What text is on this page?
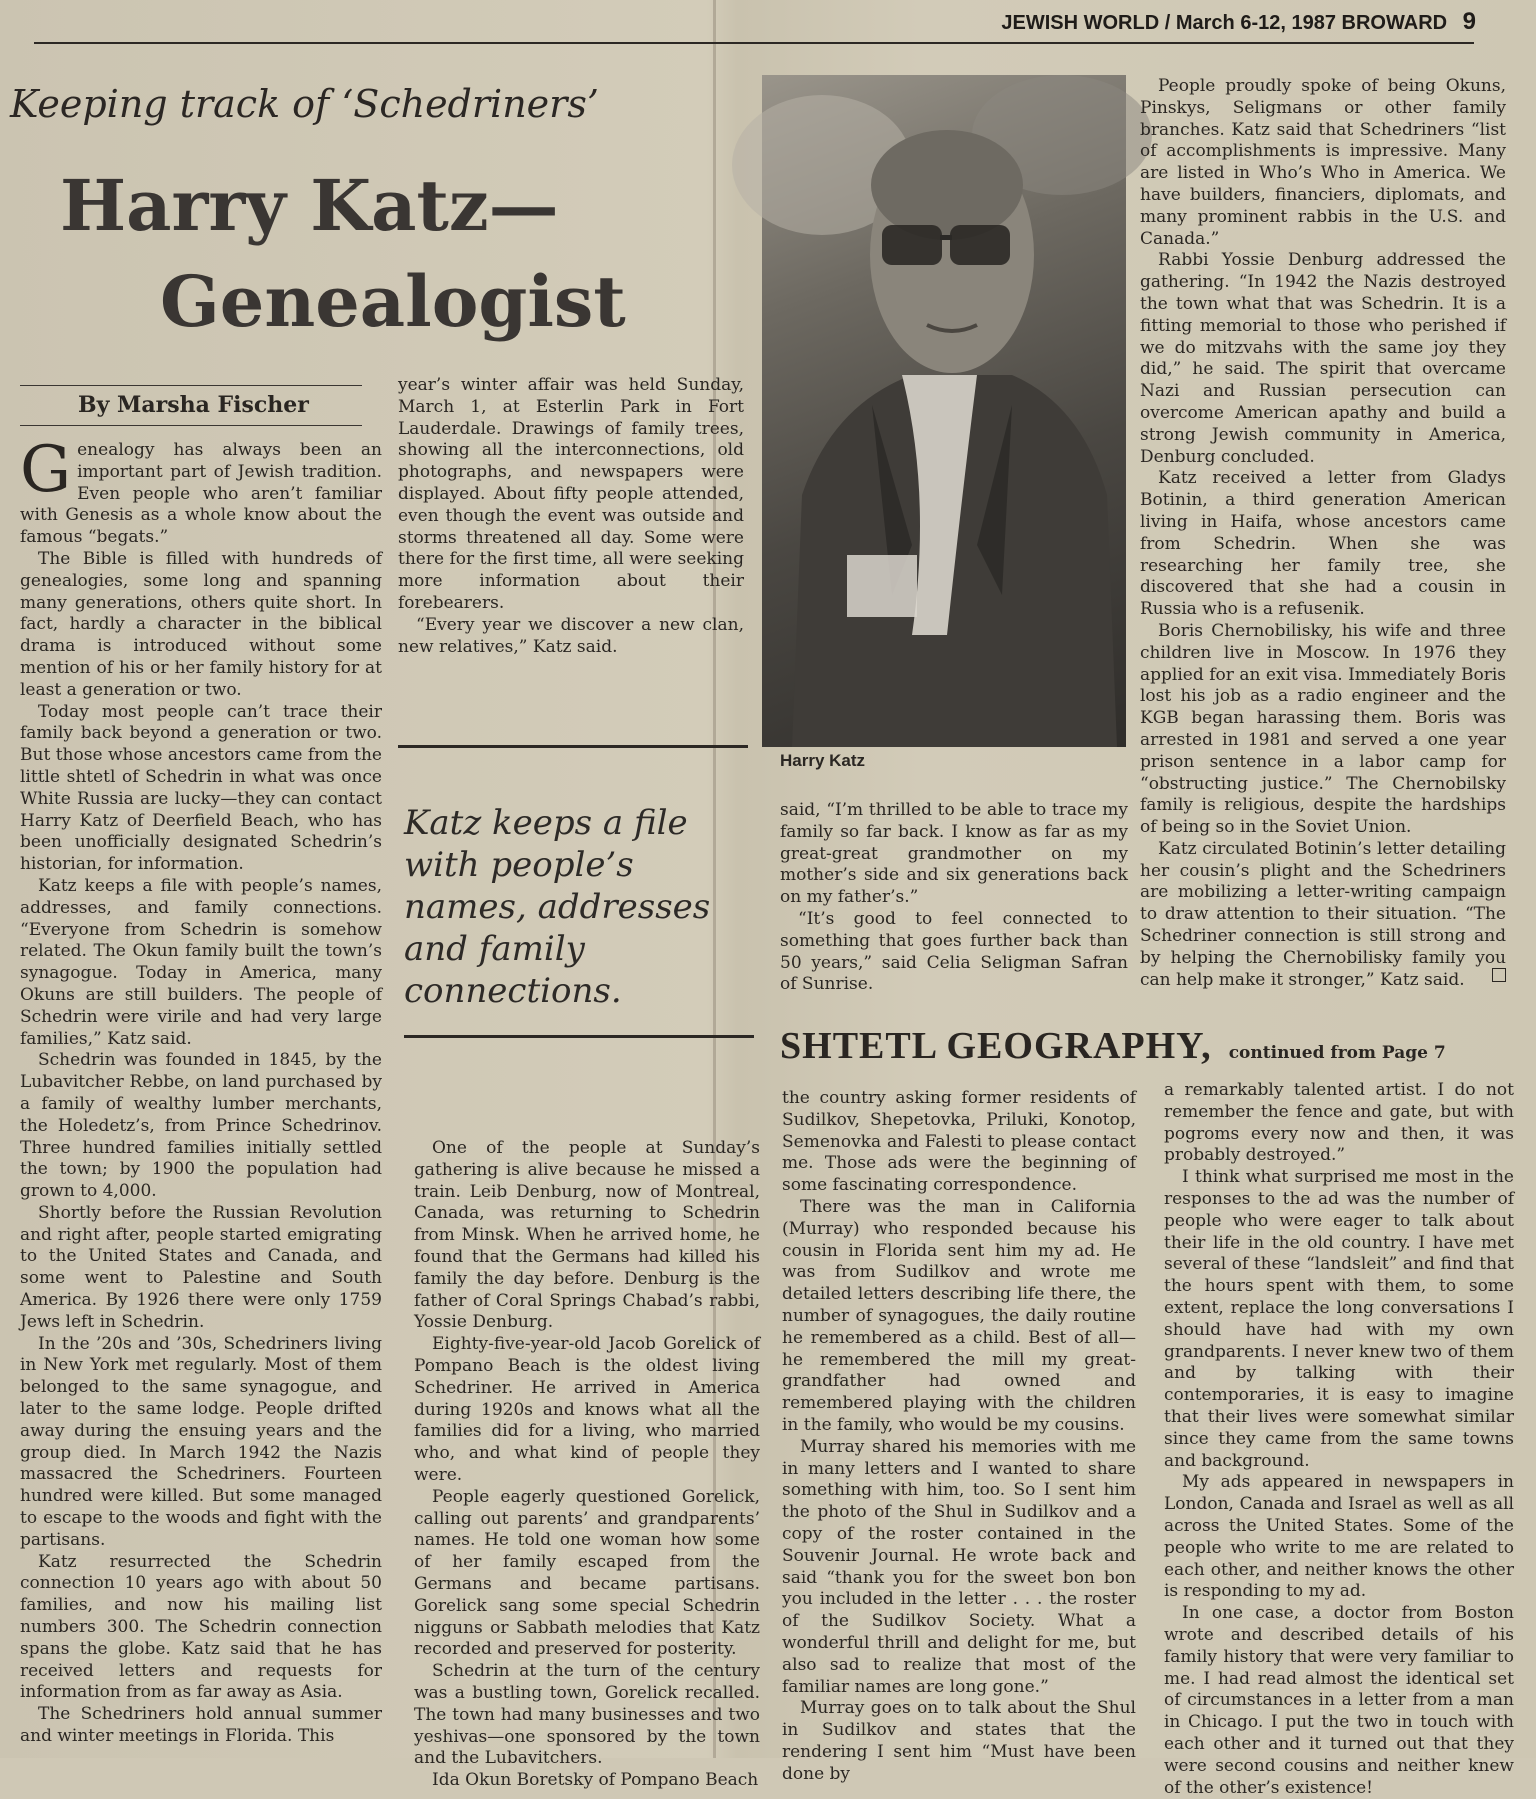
JEWISH WORLD / March 6-12, 1987 BROWARD 9
Keeping track of ‘Schedriners’
Harry Katz—
Genealogist
By Marsha Fischer
G enealogy has always been an important part of Jewish tradition. Even people who aren’t familiar with Genesis as a whole know about the famous “begats.”

The Bible is filled with hundreds of genealogies, some long and spanning many generations, others quite short. In fact, hardly a character in the biblical drama is introduced without some mention of his or her family history for at least a generation or two.

Today most people can’t trace their family back beyond a generation or two. But those whose ancestors came from the little shtetl of Schedrin in what was once White Russia are lucky—they can contact Harry Katz of Deerfield Beach, who has been unofficially designated Schedrin’s historian, for information.

Katz keeps a file with people’s names, addresses, and family connections. “Everyone from Schedrin is somehow related. The Okun family built the town’s synagogue. Today in America, many Okuns are still builders. The people of Schedrin were virile and had very large families,” Katz said.

Schedrin was founded in 1845, by the Lubavitcher Rebbe, on land purchased by a family of wealthy lumber merchants, the Holedetz’s, from Prince Schedrinov. Three hundred families initially settled the town; by 1900 the population had grown to 4,000.

Shortly before the Russian Revolution and right after, people started emigrating to the United States and Canada, and some went to Palestine and South America. By 1926 there were only 1759 Jews left in Schedrin.

In the ’20s and ’30s, Schedriners living in New York met regularly. Most of them belonged to the same synagogue, and later to the same lodge. People drifted away during the ensuing years and the group died. In March 1942 the Nazis massacred the Schedriners. Fourteen hundred were killed. But some managed to escape to the woods and fight with the partisans.

Katz resurrected the Schedrin connection 10 years ago with about 50 families, and now his mailing list numbers 300. The Schedrin connection spans the globe. Katz said that he has received letters and requests for information from as far away as Asia.

The Schedriners hold annual summer and winter meetings in Florida. This

year’s winter affair was held Sunday, March 1, at Esterlin Park in Fort Lauderdale. Drawings of family trees, showing all the interconnections, old photographs, and newspapers were displayed. About fifty people attended, even though the event was outside and storms threatened all day. Some were there for the first time, all were seeking more information about their forebearers.

“Every year we discover a new clan, new relatives,” Katz said.

Katz keeps a file with people’s names, addresses and family connections.

One of the people at Sunday’s gathering is alive because he missed a train. Leib Denburg, now of Montreal, Canada, was returning to Schedrin from Minsk. When he arrived home, he found that the Germans had killed his family the day before. Denburg is the father of Coral Springs Chabad’s rabbi, Yossie Denburg.

Eighty-five-year-old Jacob Gorelick of Pompano Beach is the oldest living Schedriner. He arrived in America during 1920s and knows what all the families did for a living, who married who, and what kind of people they were.

People eagerly questioned Gorelick, calling out parents’ and grandparents’ names. He told one woman how some of her family escaped from the Germans and became partisans. Gorelick sang some special Schedrin nigguns or Sabbath melodies that Katz recorded and preserved for posterity.

Schedrin at the turn of the century was a bustling town, Gorelick recalled. The town had many businesses and two yeshivas—one sponsored by the town and the Lubavitchers.

Ida Okun Boretsky of Pompano Beach

Harry Katz

said, “I’m thrilled to be able to trace my family so far back. I know as far as my great-great grandmother on my mother’s side and six generations back on my father’s.”

“It’s good to feel connected to something that goes further back than 50 years,” said Celia Seligman Safran of Sunrise.

People proudly spoke of being Okuns, Pinskys, Seligmans or other family branches. Katz said that Schedriners “list of accomplishments is impressive. Many are listed in Who’s Who in America. We have builders, financiers, diplomats, and many prominent rabbis in the U.S. and Canada.”

Rabbi Yossie Denburg addressed the gathering. “In 1942 the Nazis destroyed the town what that was Schedrin. It is a fitting memorial to those who perished if we do mitzvahs with the same joy they did,” he said. The spirit that overcame Nazi and Russian persecution can overcome American apathy and build a strong Jewish community in America, Denburg concluded.

Katz received a letter from Gladys Botinin, a third generation American living in Haifa, whose ancestors came from Schedrin. When she was researching her family tree, she discovered that she had a cousin in Russia who is a refusenik.

Boris Chernobilisky, his wife and three children live in Moscow. In 1976 they applied for an exit visa. Immediately Boris lost his job as a radio engineer and the KGB began harassing them. Boris was arrested in 1981 and served a one year prison sentence in a labor camp for “obstructing justice.” The Chernobilsky family is religious, despite the hardships of being so in the Soviet Union.

Katz circulated Botinin’s letter detailing her cousin’s plight and the Schedriners are mobilizing a letter-writing campaign to draw attention to their situation. “The Schedriner connection is still strong and by helping the Chernobilisky family you can help make it stronger,” Katz said.

SHTETL GEOGRAPHY, continued from Page 7

the country asking former residents of Sudilkov, Shepetovka, Priluki, Konotop, Semenovka and Falesti to please contact me. Those ads were the beginning of some fascinating correspondence.

There was the man in California (Murray) who responded because his cousin in Florida sent him my ad. He was from Sudilkov and wrote me detailed letters describing life there, the number of synagogues, the daily routine he remembered as a child. Best of all—he remembered the mill my great-grandfather had owned and remembered playing with the children in the family, who would be my cousins.

Murray shared his memories with me in many letters and I wanted to share something with him, too. So I sent him the photo of the Shul in Sudilkov and a copy of the roster contained in the Souvenir Journal. He wrote back and said “thank you for the sweet bon bon you included in the letter . . . the roster of the Sudilkov Society. What a wonderful thrill and delight for me, but also sad to realize that most of the familiar names are long gone.”

Murray goes on to talk about the Shul in Sudilkov and states that the rendering I sent him “Must have been done by

a remarkably talented artist. I do not remember the fence and gate, but with pogroms every now and then, it was probably destroyed.”

I think what surprised me most in the responses to the ad was the number of people who were eager to talk about their life in the old country. I have met several of these “landsleit” and find that the hours spent with them, to some extent, replace the long conversations I should have had with my own grandparents. I never knew two of them and by talking with their contemporaries, it is easy to imagine that their lives were somewhat similar since they came from the same towns and background.

My ads appeared in newspapers in London, Canada and Israel as well as all across the United States. Some of the people who write to me are related to each other, and neither knows the other is responding to my ad.

In one case, a doctor from Boston wrote and described details of his family history that were very familiar to me. I had read almost the identical set of circumstances in a letter from a man in Chicago. I put the two in touch with each other and it turned out that they were second cousins and neither knew of the other’s existence!
